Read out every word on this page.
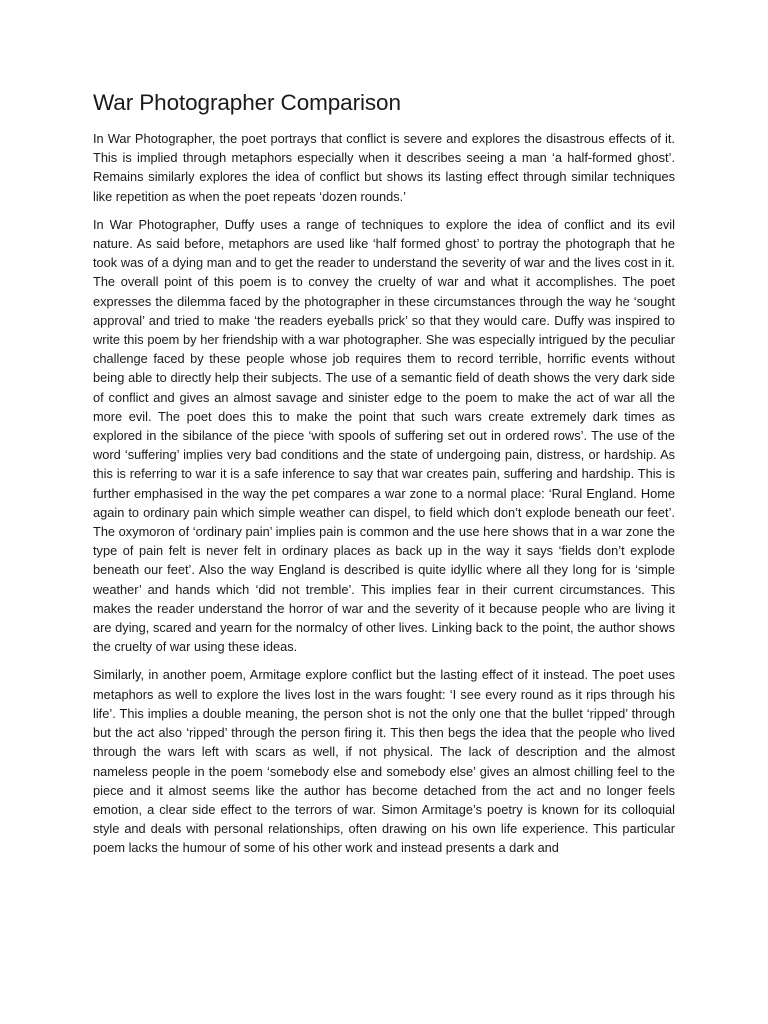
War Photographer Comparison

In War Photographer, the poet portrays that conflict is severe and explores the disastrous effects of it. This is implied through metaphors especially when it describes seeing a man ‘a half-formed ghost’. Remains similarly explores the idea of conflict but shows its lasting effect through similar techniques like repetition as when the poet repeats ‘dozen rounds.’

In War Photographer, Duffy uses a range of techniques to explore the idea of conflict and its evil nature. As said before, metaphors are used like ‘half formed ghost’ to portray the photograph that he took was of a dying man and to get the reader to understand the severity of war and the lives cost in it. The overall point of this poem is to convey the cruelty of war and what it accomplishes. The poet expresses the dilemma faced by the photographer in these circumstances through the way he ‘sought approval’ and tried to make ‘the readers eyeballs prick’ so that they would care. Duffy was inspired to write this poem by her friendship with a war photographer. She was especially intrigued by the peculiar challenge faced by these people whose job requires them to record terrible, horrific events without being able to directly help their subjects. The use of a semantic field of death shows the very dark side of conflict and gives an almost savage and sinister edge to the poem to make the act of war all the more evil. The poet does this to make the point that such wars create extremely dark times as explored in the sibilance of the piece ‘with spools of suffering set out in ordered rows’. The use of the word ‘suffering’ implies very bad conditions and the state of undergoing pain, distress, or hardship. As this is referring to war it is a safe inference to say that war creates pain, suffering and hardship. This is further emphasised in the way the pet compares a war zone to a normal place: ‘Rural England. Home again to ordinary pain which simple weather can dispel, to field which don’t explode beneath our feet’. The oxymoron of ‘ordinary pain’ implies pain is common and the use here shows that in a war zone the type of pain felt is never felt in ordinary places as back up in the way it says ‘fields don’t explode beneath our feet’. Also the way England is described is quite idyllic where all they long for is ‘simple weather’ and hands which ‘did not tremble’. This implies fear in their current circumstances. This makes the reader understand the horror of war and the severity of it because people who are living it are dying, scared and yearn for the normalcy of other lives. Linking back to the point, the author shows the cruelty of war using these ideas.

Similarly, in another poem, Armitage explore conflict but the lasting effect of it instead. The poet uses metaphors as well to explore the lives lost in the wars fought: ‘I see every round as it rips through his life’. This implies a double meaning, the person shot is not the only one that the bullet ‘ripped’ through but the act also ‘ripped’ through the person firing it. This then begs the idea that the people who lived through the wars left with scars as well, if not physical. The lack of description and the almost nameless people in the poem ‘somebody else and somebody else’ gives an almost chilling feel to the piece and it almost seems like the author has become detached from the act and no longer feels emotion, a clear side effect to the terrors of war. Simon Armitage’s poetry is known for its colloquial style and deals with personal relationships, often drawing on his own life experience. This particular poem lacks the humour of some of his other work and instead presents a dark and
